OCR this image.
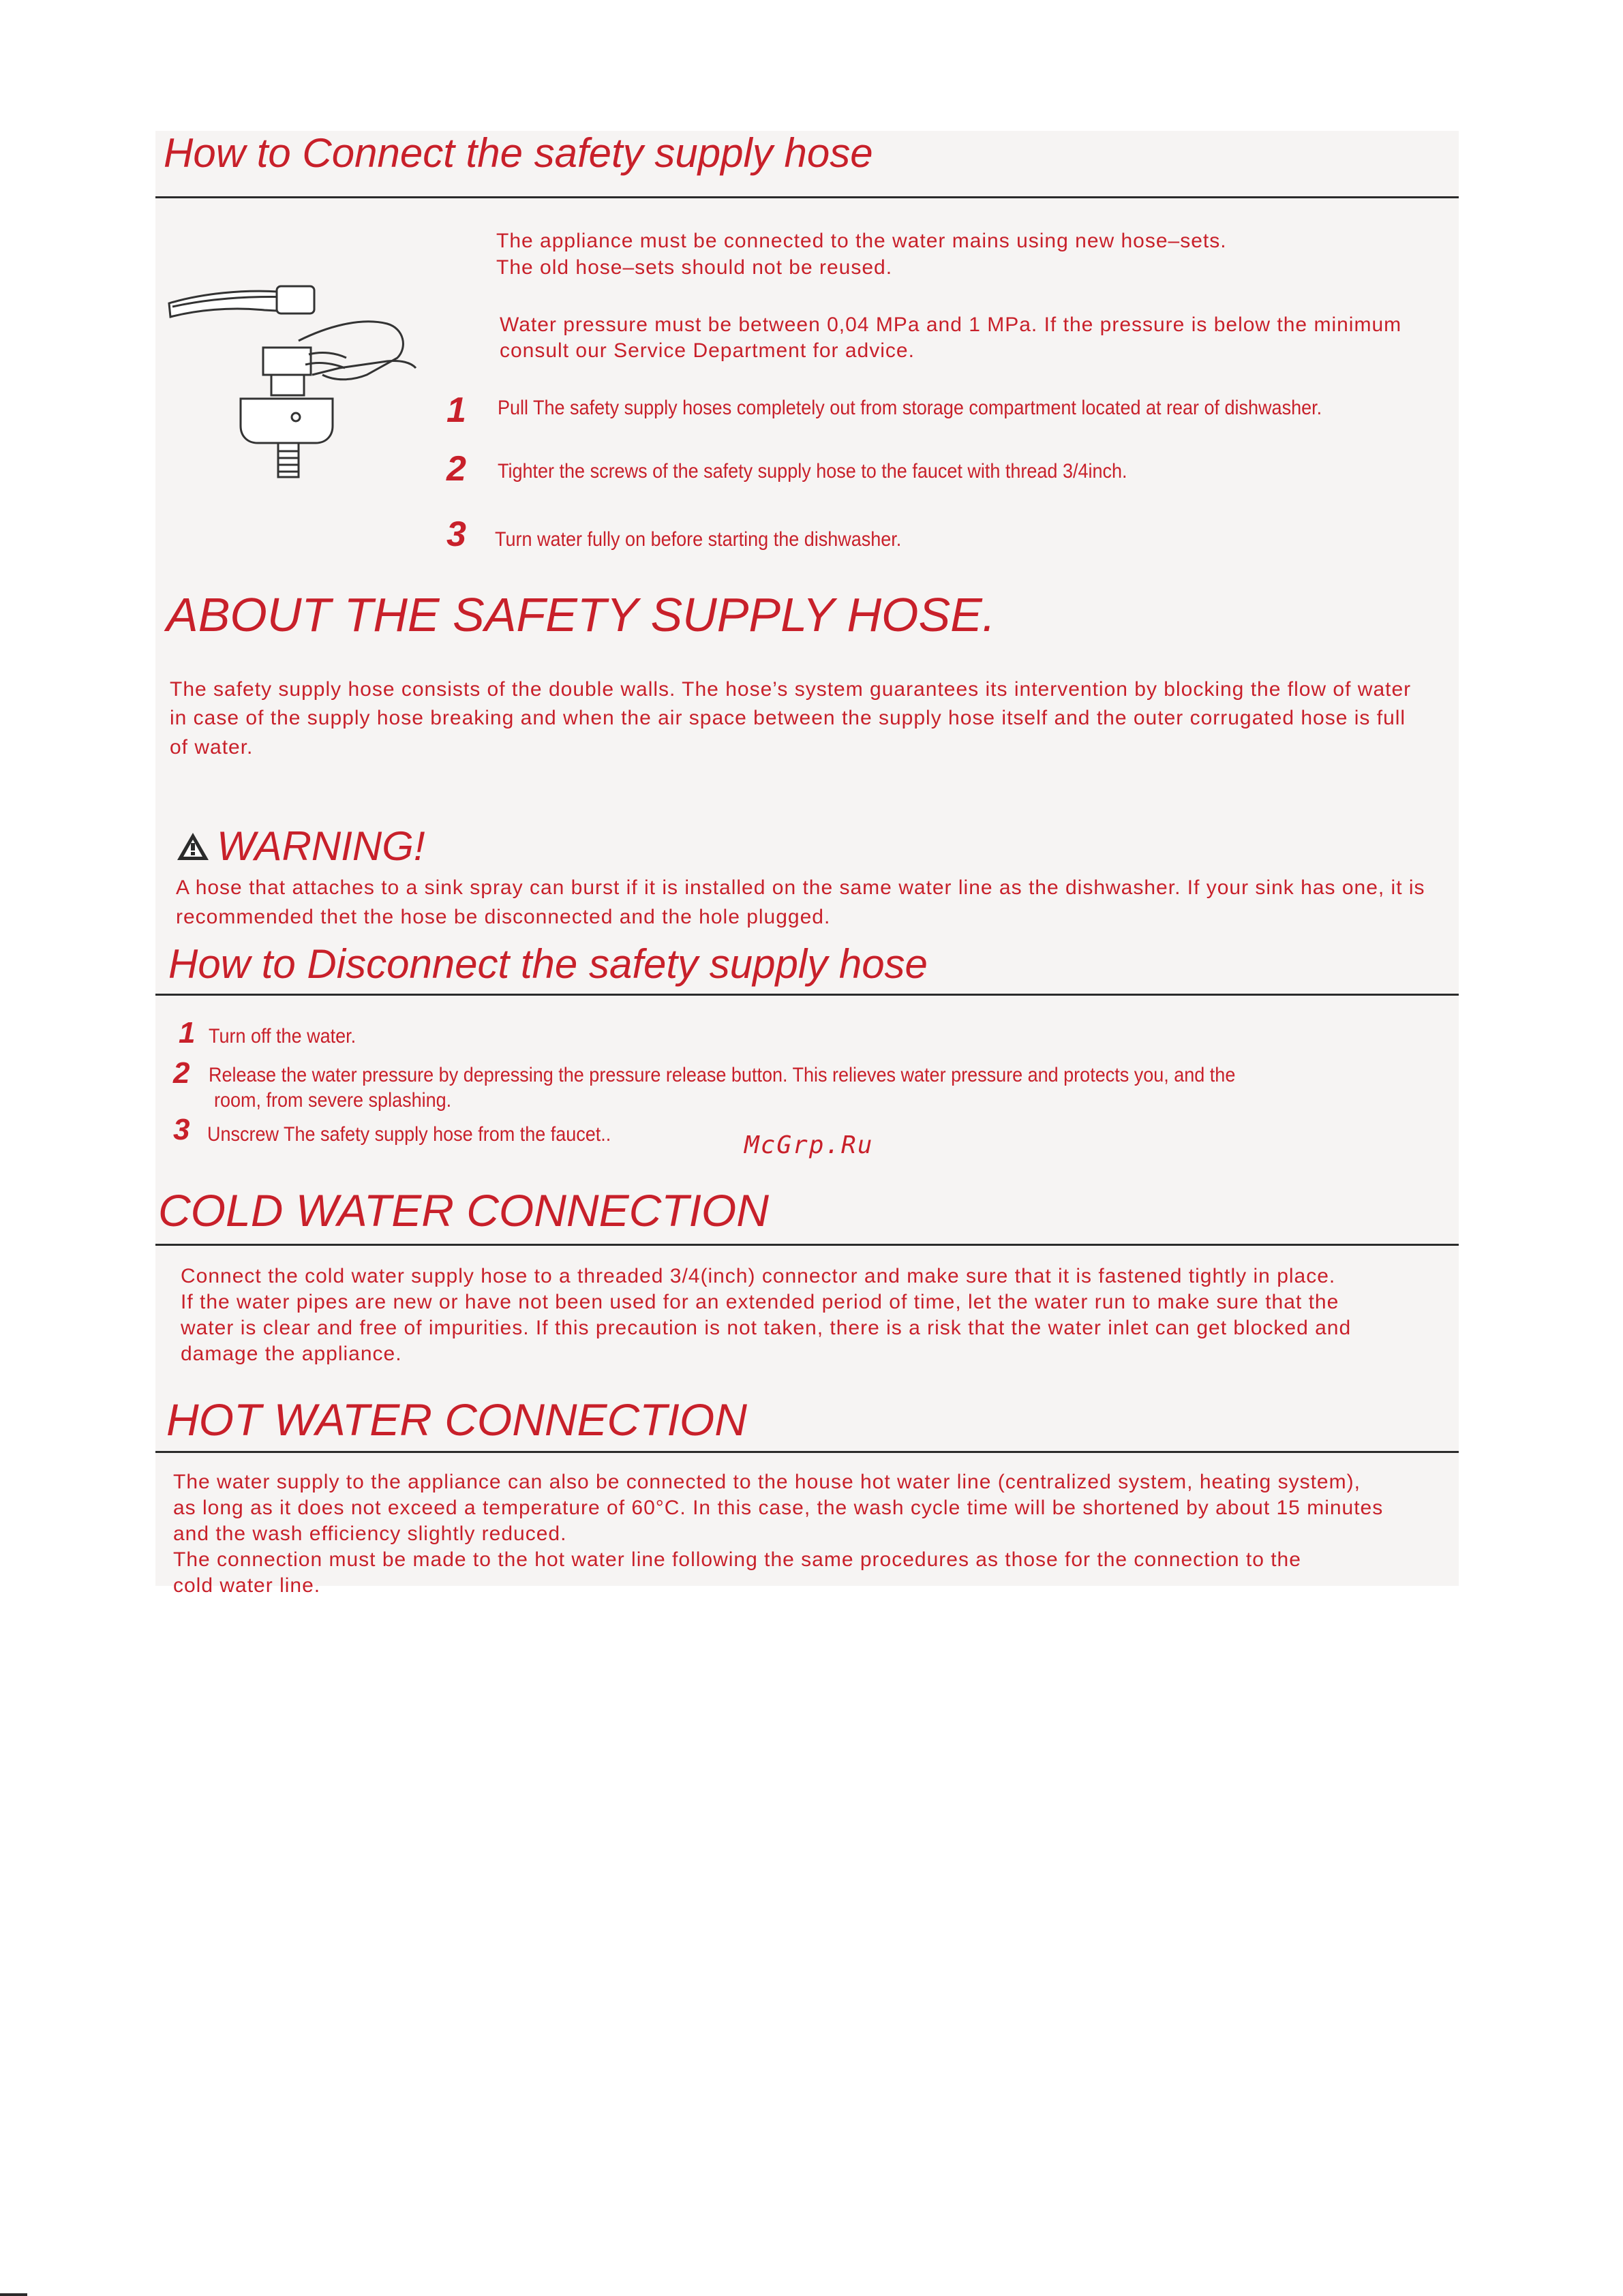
How to Connect the safety supply hose

The appliance must be connected to the water mains using new hose–sets.

The old hose–sets should not be reused.

Water pressure must be between 0,04 MPa and 1 MPa. If the pressure is below the minimum

consult our Service Department for advice.

1 Pull The safety supply hoses completely out from storage compartment located at rear of dishwasher.
2 Tighter the screws of the safety supply hose to the faucet with thread 3/4inch.
3 Turn water fully on before starting the dishwasher.
ABOUT THE SAFETY SUPPLY HOSE.

The safety supply hose consists of the double walls. The hose’s system guarantees its intervention by blocking the flow of water

in case of the supply hose breaking and when the air space between the supply hose itself and the outer corrugated hose is full

of water.

WARNING!

A hose that attaches to a sink spray can burst if it is installed on the same water line as the dishwasher. If your sink has one, it is

recommended thet the hose be disconnected and the hole plugged.

How to Disconnect the safety supply hose
1 Turn off the water.
2 Release the water pressure by depressing the pressure release button. This relieves water pressure and protects you, and the
room, from severe splashing.
3 Unscrew The safety supply hose from the faucet..	McGrp.Ru
COLD WATER CONNECTION

Connect the cold water supply hose to a threaded 3/4(inch) connector and make sure that it is fastened tightly in place.

If the water pipes are new or have not been used for an extended period of time, let the water run to make sure that the

water is clear and free of impurities. If this precaution is not taken, there is a risk that the water inlet can get blocked and

damage the appliance.

HOT WATER CONNECTION

The water supply to the appliance can also be connected to the house hot water line (centralized system, heating system),

as long as it does not exceed a temperature of 60°C. In this case, the wash cycle time will be shortened by about 15 minutes

and the wash efficiency slightly reduced.

The connection must be made to the hot water line following the same procedures as those for the connection to the

cold water line.
